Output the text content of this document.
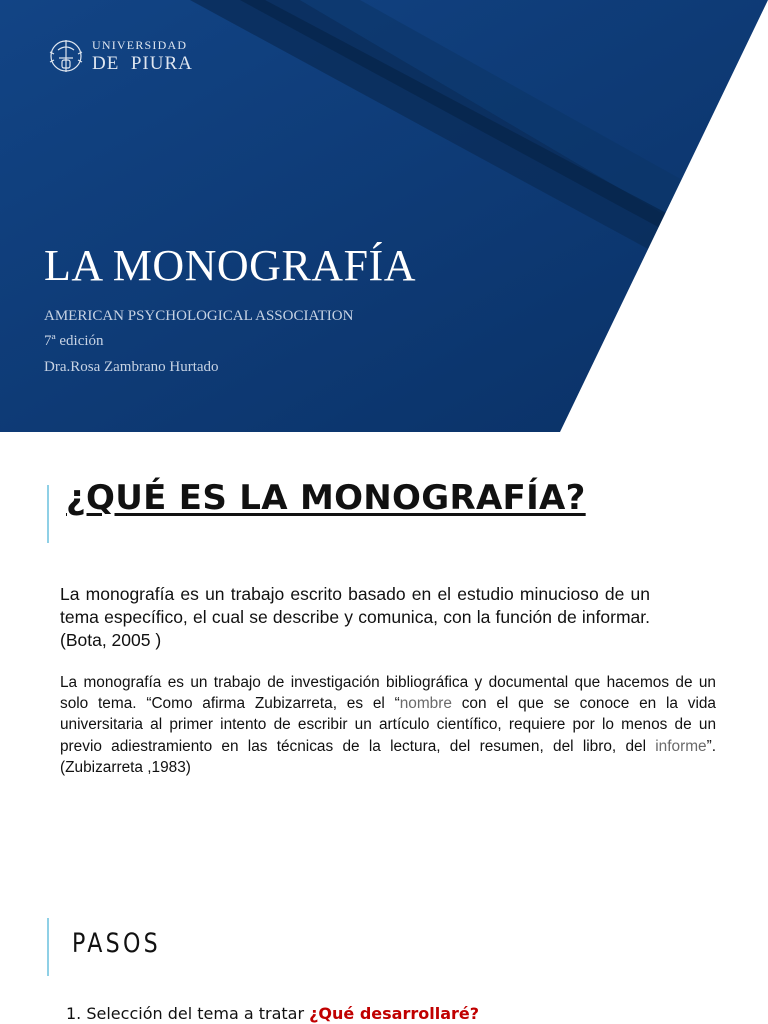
UNIVERSIDAD
DE  PIURA
LA MONOGRAFÍA
AMERICAN PSYCHOLOGICAL ASSOCIATION
7ª edición
Dra.Rosa Zambrano Hurtado
¿QUÉ ES LA MONOGRAFÍA?

La monografía es un trabajo escrito basado en el estudio minucioso de un tema específico, el cual se describe y comunica, con la función de informar. (Bota, 2005 )

La monografía es un trabajo de investigación bibliográfica y documental que hacemos de un solo tema. “Como afirma Zubizarreta, es el “nombre con el que se conoce en la vida universitaria al primer intento de escribir un artículo científico, requiere por lo menos de un previo adiestramiento en las técnicas de la lectura, del resumen, del libro, del informe”. (Zubizarreta ,1983)

PASOS

1. Selección del tema a tratar ¿Qué desarrollaré?
